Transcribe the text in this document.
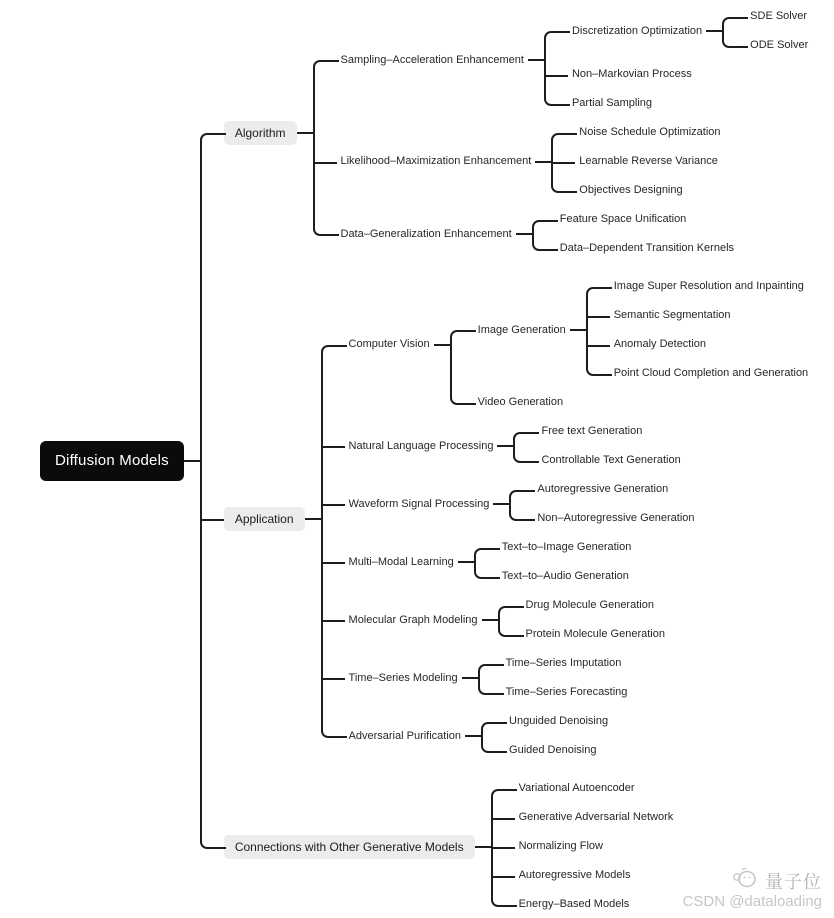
Diffusion Models
Algorithm
Sampling–Acceleration Enhancement
Discretization Optimization
SDE Solver
ODE Solver
Non–Markovian Process
Partial Sampling
Likelihood–Maximization Enhancement
Noise Schedule Optimization
Learnable Reverse Variance
Objectives Designing
Data–Generalization Enhancement
Feature Space Unification
Data–Dependent Transition Kernels
Application
Computer Vision
Image Generation
Image Super Resolution and Inpainting
Semantic Segmentation
Anomaly Detection
Point Cloud Completion and Generation
Video Generation
Natural Language Processing
Free text Generation
Controllable Text Generation
Waveform Signal Processing
Autoregressive Generation
Non–Autoregressive Generation
Multi–Modal Learning
Text–to–Image Generation
Text–to–Audio Generation
Molecular Graph Modeling
Drug Molecule Generation
Protein Molecule Generation
Time–Series Modeling
Time–Series Imputation
Time–Series Forecasting
Adversarial Purification
Unguided Denoising
Guided Denoising
Connections with Other Generative Models
Variational Autoencoder
Generative Adversarial Network
Normalizing Flow
Autoregressive Models
Energy–Based Models
量子位
CSDN @dataloading
